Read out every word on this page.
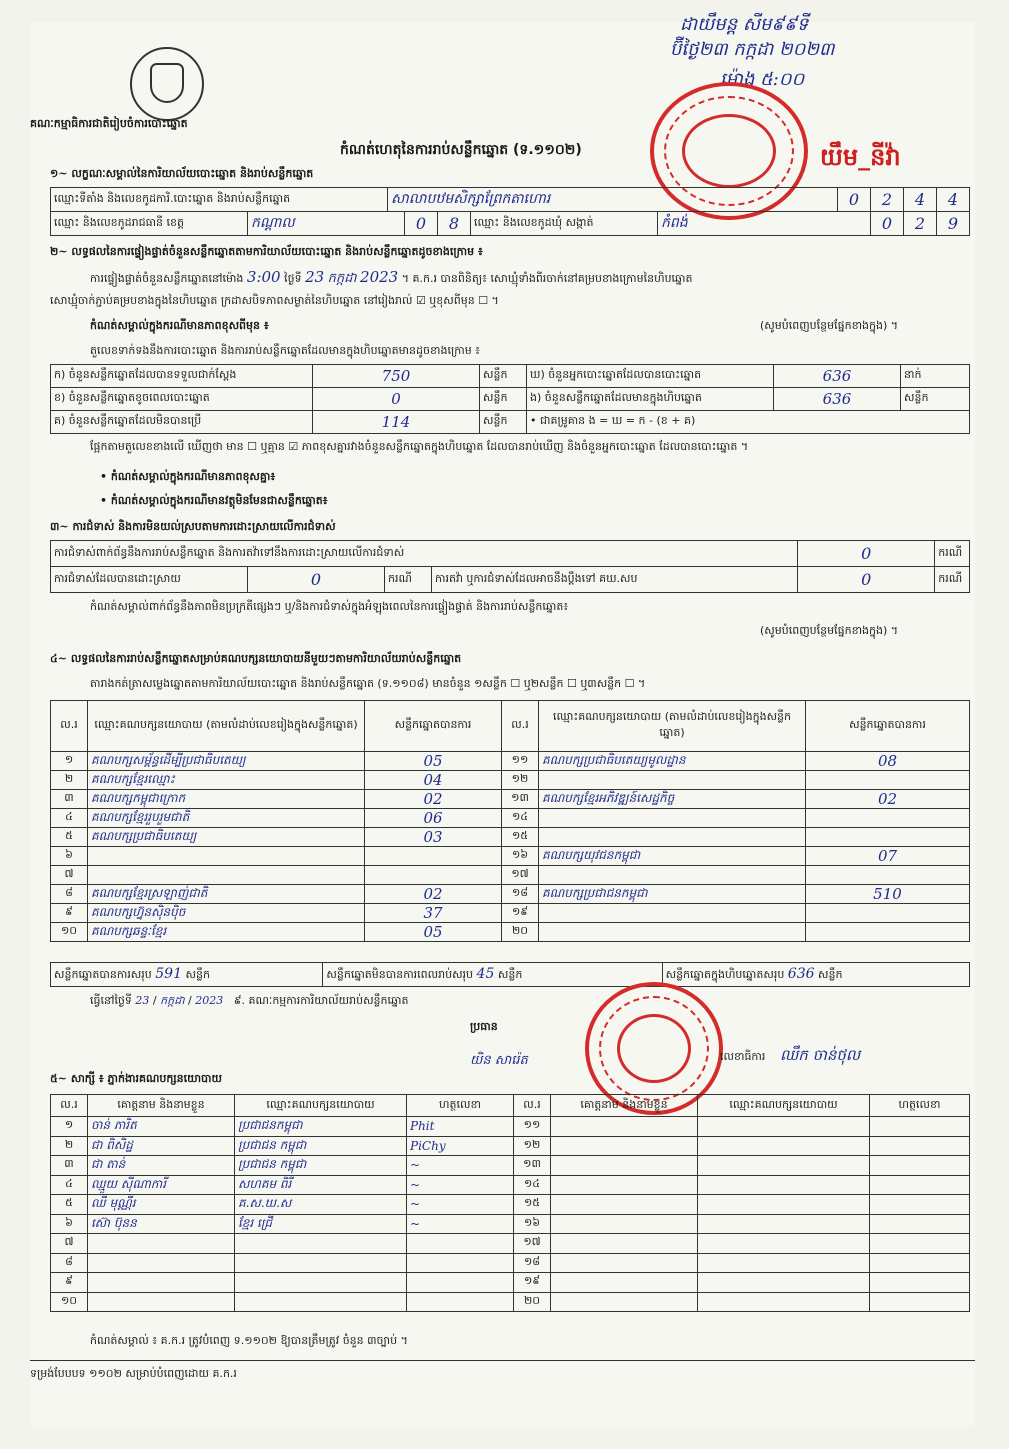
គណៈកម្មាធិការជាតិរៀបចំការបោះឆ្នោត
កំណត់ហេតុនៃការរាប់សន្លឹកឆ្នោត (ទ.១១០២)
ដាយឹមន្ត សីម៩៩ទី
ប៊ីថ្ងៃ២៣ កក្កដា ២០២៣
ម៉ោង ៥:០០
យឹម_នីវ៉ា
១~ លក្ខណៈសម្គាល់នៃការិយាល័យបោះឆ្នោត និងរាប់សន្លឹកឆ្នោត
ឈ្មោះទីតាំង និងលេខកូដការិ.បោះឆ្នោត និងរាប់សន្លឹកឆ្នោត	សាលាបឋមសិក្សាព្រែកតាហោរ	0	2	4	4
ឈ្មោះ និងលេខកូដរាជធានី ខេត្ត	កណ្ដាល	0	8	ឈ្មោះ និងលេខកូដឃុំ សង្កាត់	កំពង់	0	2	9
២~ លទ្ធផលនៃការផ្ទៀងផ្ទាត់ចំនួនសន្លឹកឆ្នោតតាមការិយាល័យបោះឆ្នោត និងរាប់សន្លឹកឆ្នោតដូចខាងក្រោម ៖
ការផ្ទៀងផ្ទាត់ចំនួនសន្លឹកឆ្នោតនៅម៉ោង 3:00 ថ្ងៃទី 23 កក្កដា 2023 ។ គ.ក.រ បានពិនិត្យ៖ សោឃ្មុំទាំងពីរចាក់នៅគម្របខាងក្រោមនៃហិបឆ្នោត
សោឃ្មុំចាក់ភ្ជាប់គម្របខាងក្នុងនៃហិបឆ្នោត ក្រដាសបិទភាពសម្ងាត់នៃហិបឆ្នោត នៅរៀងរាល់ ☑ ឬខុសពីមុន ☐ ។
កំណត់សម្គាល់ក្នុងករណីមានភាពខុសពីមុន ៖	(សូមបំពេញបន្ថែមផ្នែកខាងក្នុង) ។
តួលេខទាក់ទងនឹងការបោះឆ្នោត និងការរាប់សន្លឹកឆ្នោតដែលមានក្នុងហិបឆ្នោតមានដូចខាងក្រោម ៖
ក) ចំនួនសន្លឹកឆ្នោតដែលបានទទួលជាក់ស្ដែង	750	សន្លឹក	ឃ) ចំនួនអ្នកបោះឆ្នោតដែលបានបោះឆ្នោត	636	នាក់
ខ) ចំនួនសន្លឹកឆ្នោតខូចពេលបោះឆ្នោត	0	សន្លឹក	ង) ចំនួនសន្លឹកឆ្នោតដែលមានក្នុងហិបឆ្នោត	636	សន្លឹក
គ) ចំនួនសន្លឹកឆ្នោតដែលមិនបានប្រើ	114	សន្លឹក	• ជាគម្រូគាន ង = ឃ = ក - (ខ + គ)		
ផ្អែកតាមតួលេខខាងលើ ឃើញថា មាន ☐ ឬគ្មាន ☑ ភាពខុសគ្នារវាងចំនួនសន្លឹកឆ្នោតក្នុងហិបឆ្នោត ដែលបានរាប់ឃើញ និងចំនួនអ្នកបោះឆ្នោត ដែលបានបោះឆ្នោត ។
• កំណត់សម្គាល់ក្នុងករណីមានភាពខុសគ្នា៖
• កំណត់សម្គាល់ក្នុងករណីមានវត្ថុមិនមែនជាសន្លឹកឆ្នោត៖
៣~ ការជំទាស់ និងការមិនយល់ស្របតាមការដោះស្រាយលើការជំទាស់
ការជំទាស់ពាក់ព័ន្ធនឹងការរាប់សន្លឹកឆ្នោត និងការតវ៉ាទៅនឹងការដោះស្រាយលើការជំទាស់				0	ករណី
ការជំទាស់ដែលបានដោះស្រាយ	0	ករណី	ការតវ៉ា ឬការជំទាស់ដែលអាចនឹងប្ដឹងទៅ គឃ.សប	0	ករណី
កំណត់សម្គាល់ពាក់ព័ន្ធនឹងភាពមិនប្រក្រតីផ្សេងៗ ឬ/និងការជំទាស់ក្នុងអំឡុងពេលនៃការផ្ទៀងផ្ទាត់ និងការរាប់សន្លឹកឆ្នោត៖
(សូមបំពេញបន្ថែមផ្នែកខាងក្នុង) ។
៤~ លទ្ធផលនៃការរាប់សន្លឹកឆ្នោតសម្រាប់គណបក្សនយោបាយនីមួយៗតាមការិយាល័យរាប់សន្លឹកឆ្នោត
តារាងកត់ត្រាសម្លេងឆ្នោតតាមការិយាល័យបោះឆ្នោត និងរាប់សន្លឹកឆ្នោត (ទ.១១០៨) មានចំនួន ១សន្លឹក ☐ ឬ២សន្លឹក ☐ ឬ៣សន្លឹក ☐ ។
ល.រ	ឈ្មោះគណបក្សនយោបាយ (តាមលំដាប់លេខរៀងក្នុងសន្លឹកឆ្នោត)	សន្លឹកឆ្នោតបានការ	ល.រ	ឈ្មោះគណបក្សនយោបាយ (តាមលំដាប់លេខរៀងក្នុងសន្លឹកឆ្នោត)	សន្លឹកឆ្នោតបានការ
១	គណបក្សសម្ព័ន្ធដើម្បីប្រជាធិបតេយ្យ	05	១១	គណបក្សប្រជាធិបតេយ្យមូលដ្ឋាន	08
២	គណបក្សខ្មែរឈ្មោះ	04	១២		
៣	គណបក្សកម្ពុជាក្រោក	02	១៣	គណបក្សខ្មែរអភិវឌ្ឍន៍សេដ្ឋកិច្ច	02
៤	គណបក្សខ្មែររួបរួមជាតិ	06	១៤		
៥	គណបក្សប្រជាធិបតេយ្យ	03	១៥		
៦			១៦	គណបក្សយុវជនកម្ពុជា	07
៧			១៧		
៨	គណបក្សខ្មែរស្រឡាញ់ជាតិ	02	១៨	គណបក្សប្រជាជនកម្ពុជា	510
៩	គណបក្សហ្វ៊ុនស៊ិនប៉ិច	37	១៩		
១០	គណបក្សឆន្ទៈខ្មែរ	05	២០		
សន្លឹកឆ្នោតបានការសរុប 591 សន្លឹក	សន្លឹកឆ្នោតមិនបានការពេលរាប់សរុប 45 សន្លឹក	សន្លឹកឆ្នោតក្នុងហិបឆ្នោតសរុប 636 សន្លឹក
ធ្វើនៅថ្ងៃទី 23 / កក្កដា / 2023 ៩. គណៈកម្មការការិយាល័យរាប់សន្លឹកឆ្នោត
ប្រធាន
យិន សារ៉េត	លេខាធិការ ឈឹក ចាន់ថុល
៥~ សាក្សី ៖ ភ្នាក់ងារគណបក្សនយោបាយ
ល.រ	គោត្តនាម និងនាមខ្លួន	ឈ្មោះគណបក្សនយោបាយ	ហត្ថលេខា	ល.រ	គោត្តនាម និងនាមខ្លួន	ឈ្មោះគណបក្សនយោបាយ	ហត្ថលេខា
១	ចាន់ ភារិត	ប្រជាជនកម្ពុជា	Phit	១១			
២	ជា ពិសិដ្ឋ	ប្រជាជន កម្ពុជា	PiChy	១២			
៣	ជា តាន់	ប្រជាជន កម្ពុជា	~	១៣			
៤	ឈ្មួយ ស៊ីណាការី	សហគម ពិរី	~	១៤			
៥	ឈី មុណ្ណីរ	គ.ស.ឃ.ស	~	១៥			
៦	ស៊ោ ប៊ុនន	ខ្មែរ ជ្រើ	~	១៦			
៧				១៧			
៨				១៨			
៩				១៩			
១០				២០			
កំណត់សម្គាល់ ៖ គ.ក.រ ត្រូវបំពេញ ទ.១១០២ ឱ្យបានត្រឹមត្រូវ ចំនួន ៣ច្បាប់ ។
ទម្រង់បែបបទ ១១០២ សម្រាប់បំពេញដោយ គ.ក.រ
